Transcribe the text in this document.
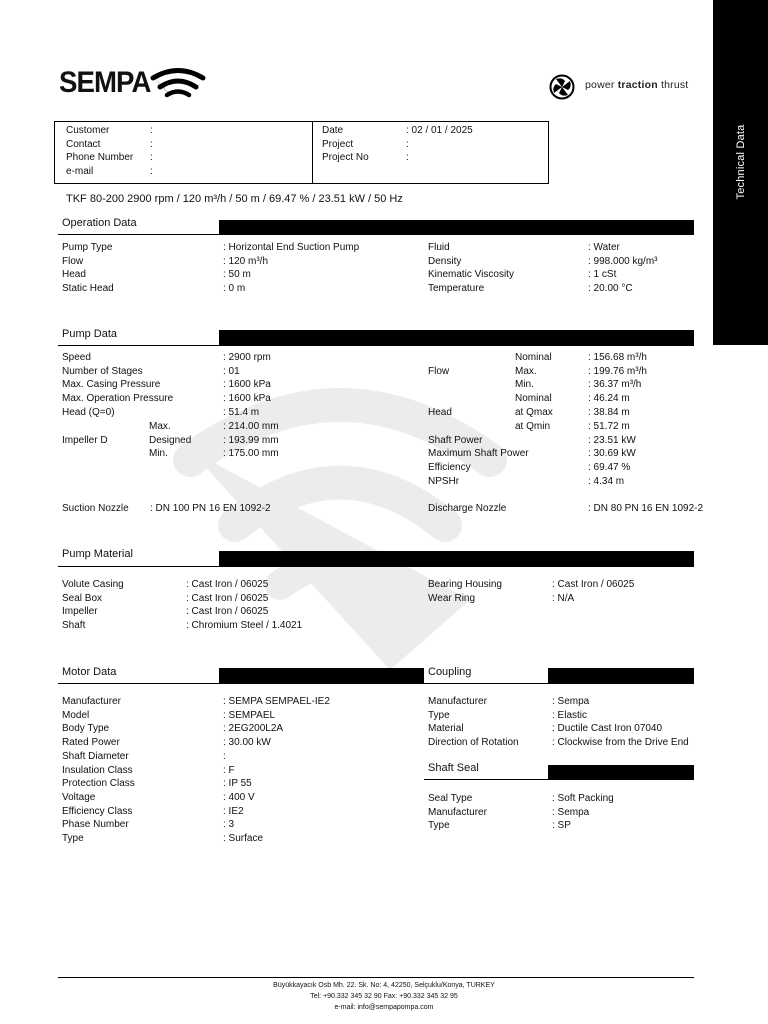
Technical Data
SEMPA	power traction thrust
Customer	:
Contact	:
Phone Number :
e-mail	:
Date	: 02 / 01 / 2025
Project	:
Project No	:
TKF 80-200 2900 rpm / 120 m³/h / 50 m / 69.47 % / 23.51 kW / 50 Hz
Operation Data
Pump Data
Pump Material
Motor Data	Coupling
Shaft Seal
Pump Type	: Horizontal End Suction Pump
Flow	: 120 m³/h
Head	: 50 m
Static Head	: 0 m
Fluid	: Water
Density	: 998.000 kg/m³
Kinematic Viscosity	: 1 cSt
Temperature	: 20.00 °C
Speed	: 2900 rpm
Number of Stages	: 01
Max. Casing Pressure	: 1600 kPa
Max. Operation Pressure	: 1600 kPa
Head (Q=0)	: 51.4 m
Max.	: 214.00 mm
Impeller D	Designed	: 193.99 mm
Min.	: 175.00 mm
Nominal	: 156.68 m³/h
Flow	Max.	: 199.76 m³/h
Min.	: 36.37 m³/h
Nominal	: 46.24 m
Head	at Qmax	: 38.84 m
at Qmin	: 51.72 m
Shaft Power	: 23.51 kW
Maximum Shaft Power	: 30.69 kW
Efficiency	: 69.47 %
NPSHr	: 4.34 m
Suction Nozzle : DN 100 PN 16 EN 1092-2	Discharge Nozzle	: DN 80 PN 16 EN 1092-2
Volute Casing	: Cast Iron / 06025
Seal Box	: Cast Iron / 06025
Impeller	: Cast Iron / 06025
Shaft	: Chromium Steel / 1.4021
Bearing Housing	: Cast Iron / 06025
Wear Ring	: N/A
Manufacturer	: SEMPA SEMPAEL-IE2
Model	: SEMPAEL
Body Type	: 2EG200L2A
Rated Power	: 30.00 kW
Shaft Diameter	:
Insulation Class	: F
Protection Class	: IP 55
Voltage	: 400 V
Efficiency Class	: IE2
Phase Number	: 3
Type	: Surface
Manufacturer	: Sempa
Type	: Elastic
Material	: Ductile Cast Iron 07040
Direction of Rotation	: Clockwise from the Drive End
Seal Type	: Soft Packing
Manufacturer	: Sempa
Type	: SP
Büyükkayacık Osb Mh. 22. Sk. No: 4, 42250, Selçuklu/Konya, TURKEY
Tel: +90.332 345 32 90 Fax: +90.332 345 32 95
e-mail: info@sempapompa.com
